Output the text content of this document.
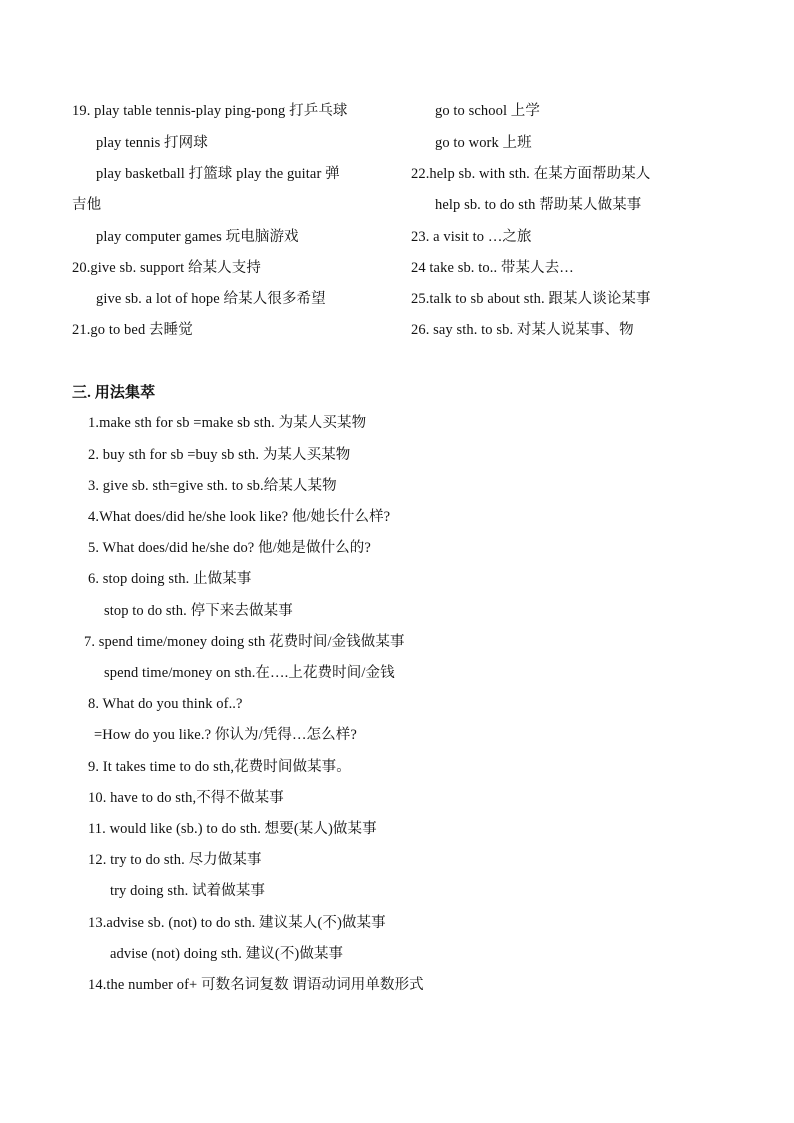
19. play table tennis-play ping-pong 打乒乓球
play tennis 打网球
play basketball 打篮球 play the guitar 弹
吉他
play computer games 玩电脑游戏
20.give sb. support 给某人支持
give sb. a lot of hope 给某人很多希望
21.go to bed 去睡觉
go to school 上学
go to work 上班
22.help sb. with sth. 在某方面帮助某人
help sb. to do sth 帮助某人做某事
23. a visit to …之旅
24 take sb. to.. 带某人去…
25.talk to sb about sth. 跟某人谈论某事
26. say sth. to sb. 对某人说某事、物
三. 用法集萃
1.make sth for sb =make sb sth. 为某人买某物
2. buy sth for sb =buy sb sth. 为某人买某物
3. give sb. sth=give sth. to sb.给某人某物
4.What does/did he/she look like? 他/她长什么样?
5. What does/did he/she do? 他/她是做什么的?
6. stop doing sth. 止做某事
stop to do sth. 停下来去做某事
7. spend time/money doing sth 花费时间/金钱做某事
spend time/money on sth.在….上花费时间/金钱
8. What do you think of..?
=How do you like.? 你认为/凭得…怎么样?
9. It takes time to do sth,花费时间做某事。
10. have to do sth,不得不做某事
11. would like (sb.) to do sth. 想要(某人)做某事
12. try to do sth. 尽力做某事
try doing sth. 试着做某事
13.advise sb. (not) to do sth. 建议某人(不)做某事
advise (not) doing sth. 建议(不)做某事
14.the number of+ 可数名词复数 谓语动词用单数形式
